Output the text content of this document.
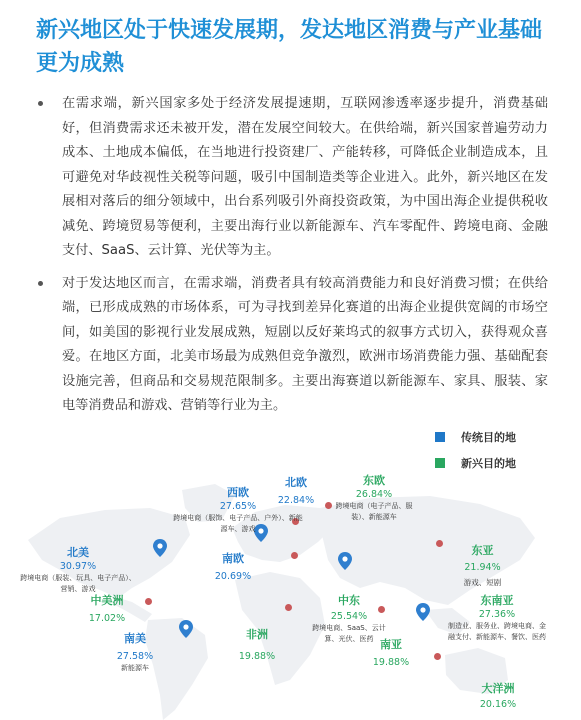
新兴地区处于快速发展期，发达地区消费与产业基础更为成熟
在需求端，新兴国家多处于经济发展提速期，互联网渗透率逐步提升，消费基础好，但消费需求还未被开发，潜在发展空间较大。在供给端，新兴国家普遍劳动力成本、土地成本偏低，在当地进行投资建厂、产能转移，可降低企业制造成本，且可避免对华歧视性关税等问题，吸引中国制造类等企业进入。此外，新兴地区在发展相对落后的细分领域中，出台系列吸引外商投资政策，为中国出海企业提供税收减免、跨境贸易等便利，主要出海行业以新能源车、汽车零配件、跨境电商、金融支付、SaaS、云计算、光伏等为主。
对于发达地区而言，在需求端，消费者具有较高消费能力和良好消费习惯；在供给端，已形成成熟的市场体系，可为寻找到差异化赛道的出海企业提供宽阔的市场空间，如美国的影视行业发展成熟，短剧以反好莱坞式的叙事方式切入，获得观众喜爱。在地区方面，北美市场最为成熟但竞争激烈，欧洲市场消费能力强、基础配套设施完善，但商品和交易规范限制多。主要出海赛道以新能源车、家具、服装、家电等消费品和游戏、营销等行业为主。
传统目的地
新兴目的地
西欧
27.65%
跨境电商（服饰、电子产品、户外）、新能源车、游戏
北欧
22.84%
东欧
26.84%
跨境电商（电子产品、服装）、新能源车
北美
30.97%
跨境电商（服装、玩具、电子产品）、营销、游戏
南欧
20.69%
东亚
21.94%
游戏、短剧
中美洲
17.02%
中东
25.54%
跨境电商、SaaS、云计算、光伏、医药
东南亚
27.36%
制造业、服务业、跨境电商、金融支付、新能源车、餐饮、医药
南美
27.58%
新能源车
非洲
19.88%
南亚
19.88%
大洋洲
20.16%
